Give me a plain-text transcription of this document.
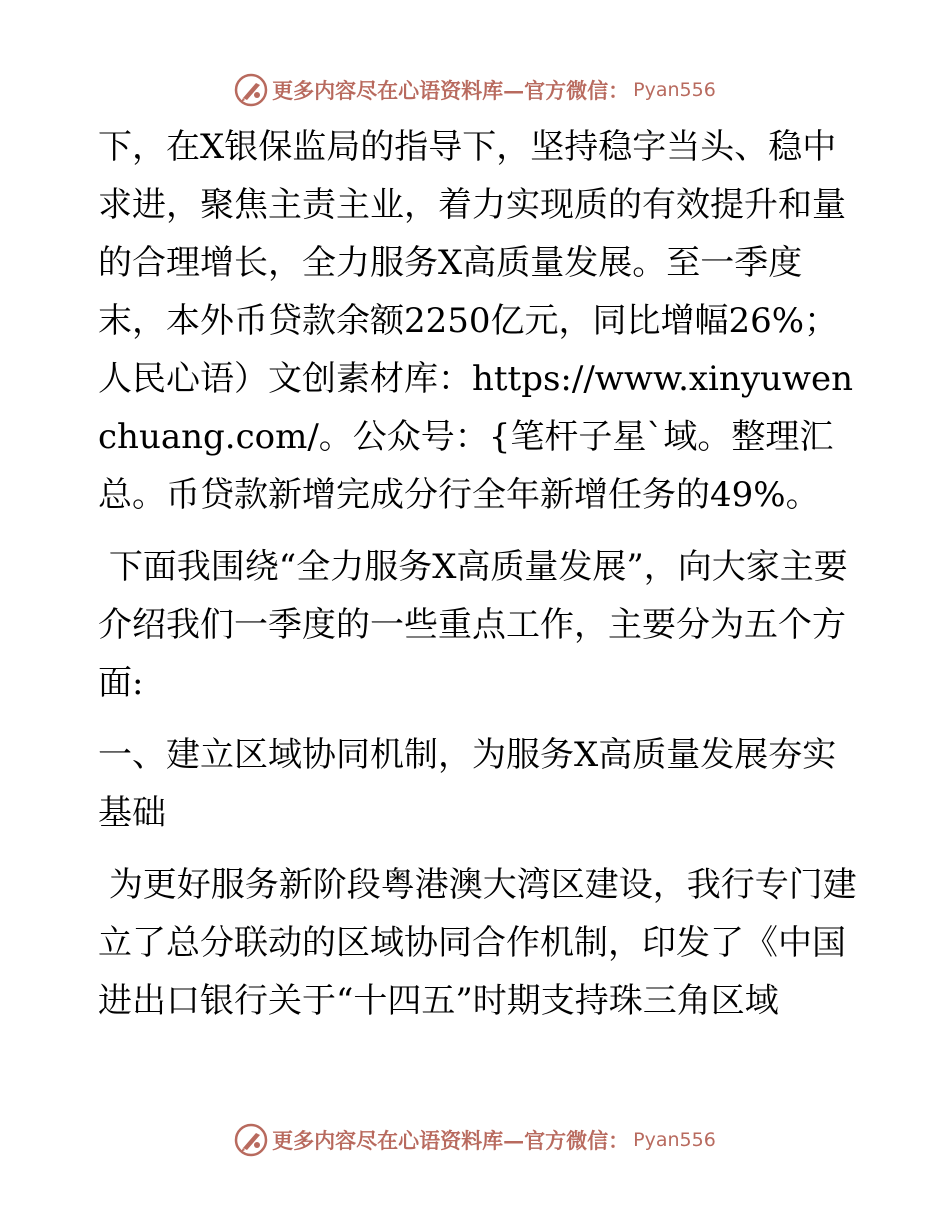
更多内容尽在心语资料库—官方微信： Pyan556

下，在X银保监局的指导下，坚持稳字当头、稳中求进，聚焦主责主业，着力实现质的有效提升和量的合理增长，全力服务X高质量发展。至一季度末，本外币贷款余额2250亿元，同比增幅26%；人民心语）文创素材库：https://www.xinyuwenchuang.com/。公众号：{笔杆子星`域。整理汇总。币贷款新增完成分行全年新增任务的49%。

下面我围绕“全力服务X高质量发展”，向大家主要介绍我们一季度的一些重点工作，主要分为五个方面:

一、建立区域协同机制，为服务X高质量发展夯实基础

为更好服务新阶段粤港澳大湾区建设，我行专门建立了总分联动的区域协同合作机制，印发了《中国进出口银行关于“十四五”时期支持珠三角区域

更多内容尽在心语资料库—官方微信： Pyan556
